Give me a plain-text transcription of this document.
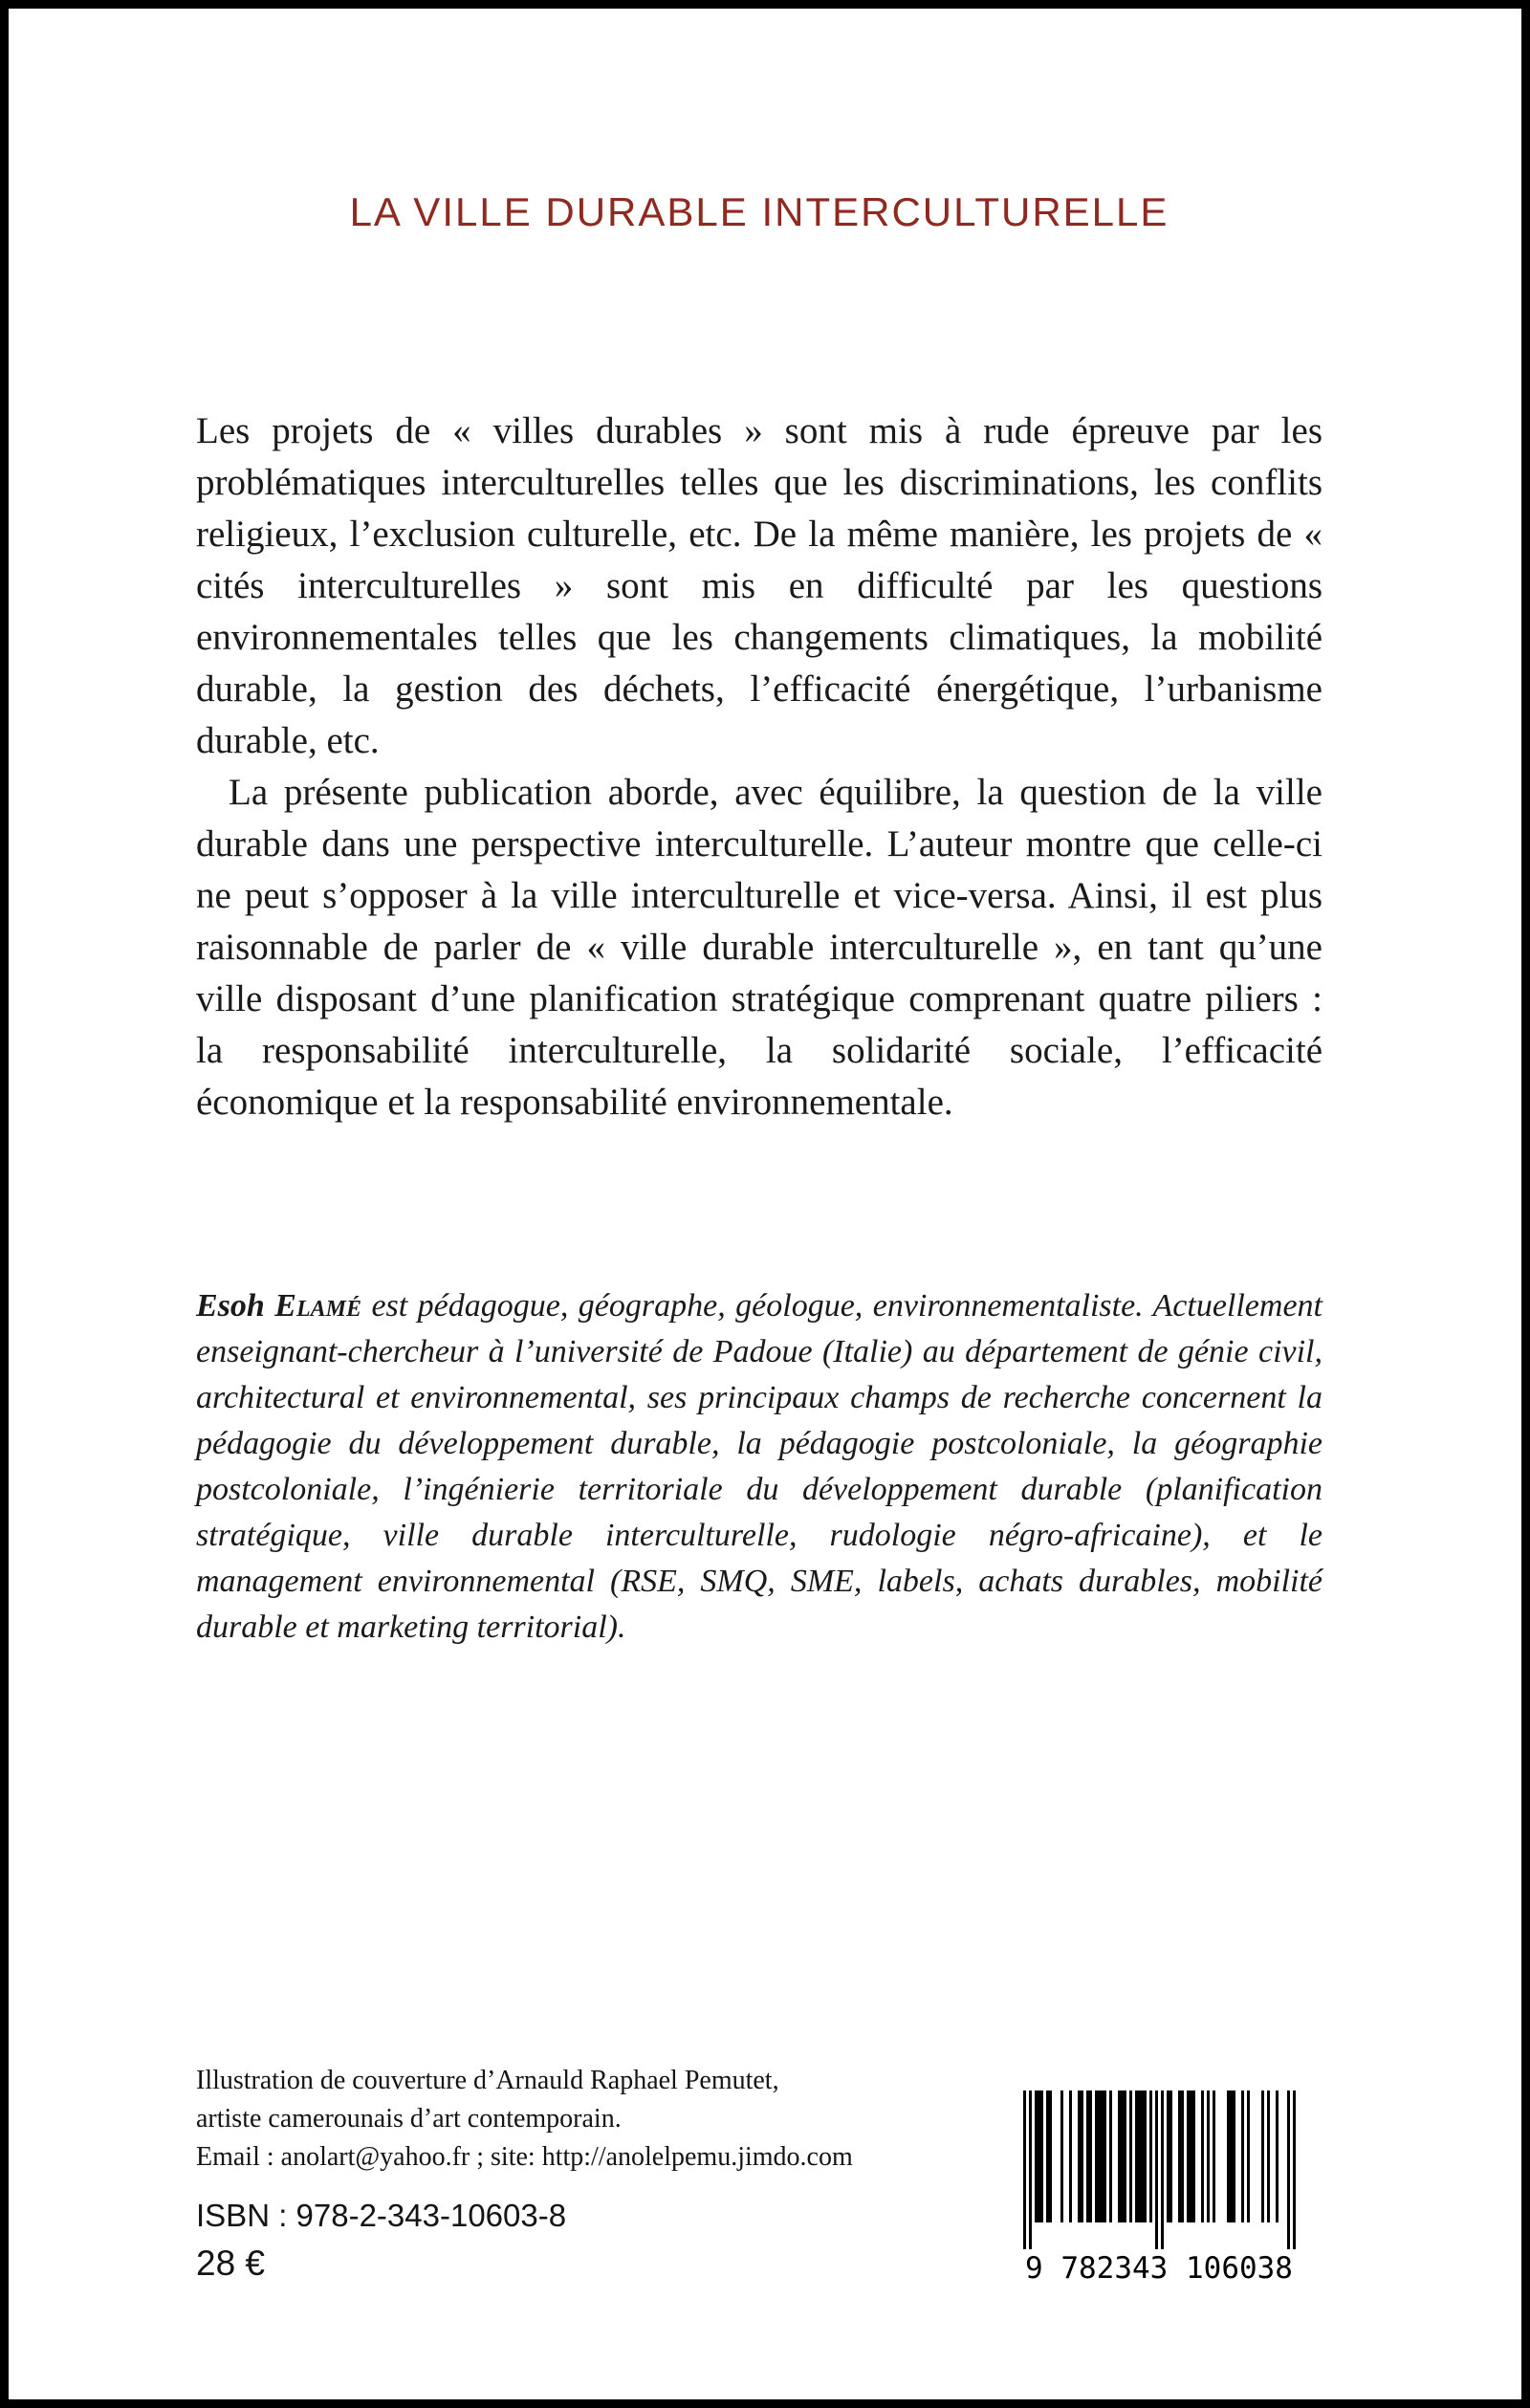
LA VILLE DURABLE INTERCULTURELLE

Les projets de « villes durables » sont mis à rude épreuve par les problématiques interculturelles telles que les discriminations, les conflits religieux, l’exclusion culturelle, etc. De la même manière, les projets de « cités interculturelles » sont mis en difficulté par les questions environnementales telles que les changements climatiques, la mobilité durable, la gestion des déchets, l’efficacité énergétique, l’urbanisme durable, etc.

La présente publication aborde, avec équilibre, la question de la ville durable dans une perspective interculturelle. L’auteur montre que celle-ci ne peut s’opposer à la ville interculturelle et vice-versa. Ainsi, il est plus raisonnable de parler de « ville durable interculturelle », en tant qu’une ville disposant d’une planification stratégique comprenant quatre piliers : la responsabilité interculturelle, la solidarité sociale, l’efficacité économique et la responsabilité environnementale.

Esoh Elamé est pédagogue, géographe, géologue, environnementaliste. Actuellement enseignant-chercheur à l’université de Padoue (Italie) au département de génie civil, architectural et environnemental, ses principaux champs de recherche concernent la pédagogie du développement durable, la pédagogie postcoloniale, la géographie postcoloniale, l’ingénierie territoriale du développement durable (planification stratégique, ville durable interculturelle, rudologie négro-africaine), et le management environnemental (RSE, SMQ, SME, labels, achats durables, mobilité durable et marketing territorial).
Illustration de couverture d’Arnauld Raphael Pemutet,
artiste camerounais d’art contemporain.
Email : anolart@yahoo.fr ; site: http://anolelpemu.jimdo.com
ISBN : 978-2-343-10603-8
28 €	9 782343 106038
